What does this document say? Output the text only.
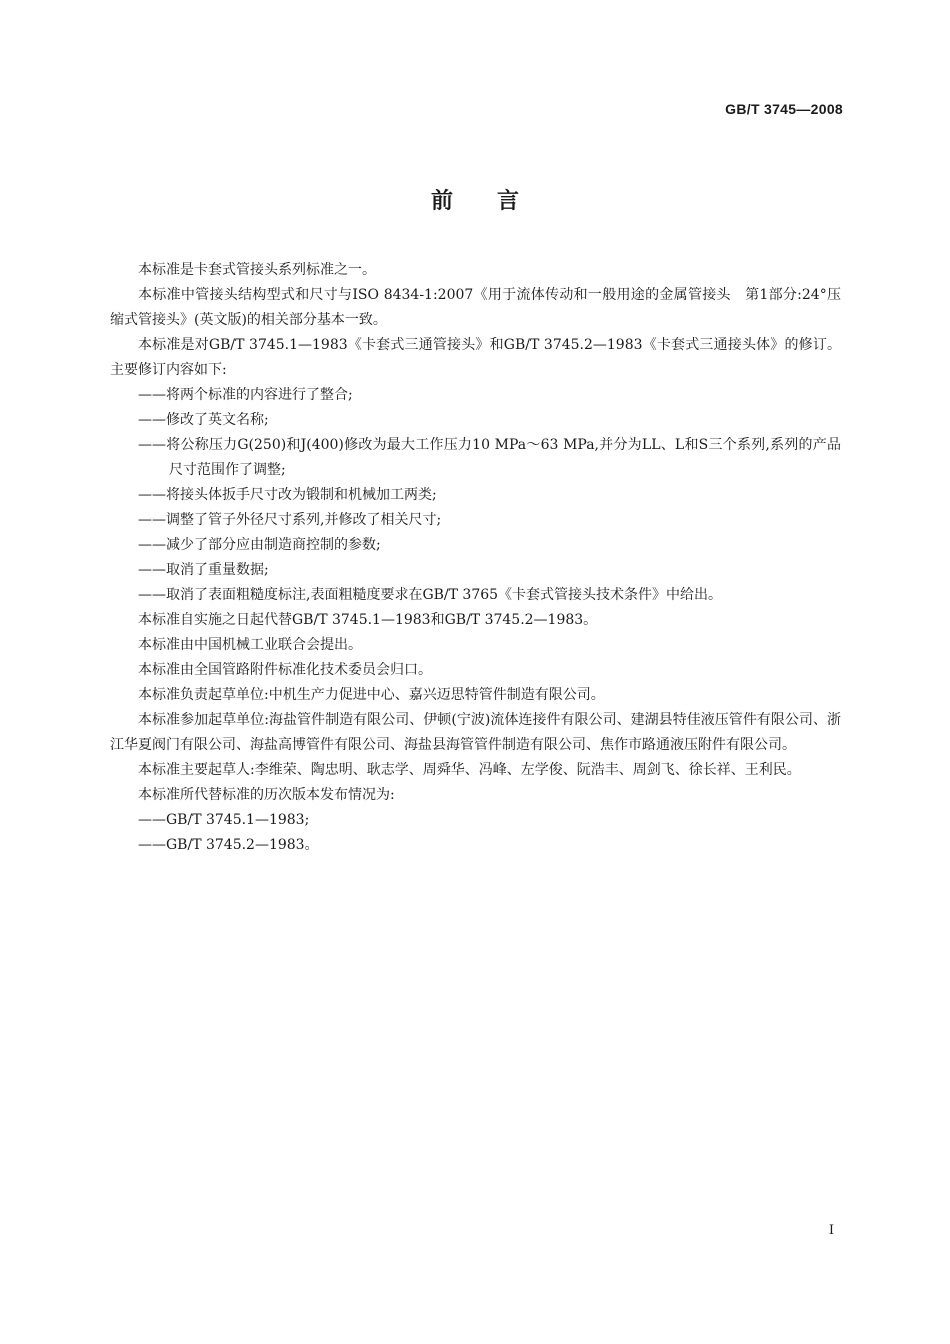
GB/T 3745—2008
前言

本标准是卡套式管接头系列标准之一。

本标准中管接头结构型式和尺寸与ISO 8434-1:2007《用于流体传动和一般用途的金属管接头　第1部分:24°压缩式管接头》(英文版)的相关部分基本一致。

本标准是对GB/T 3745.1—1983《卡套式三通管接头》和GB/T 3745.2—1983《卡套式三通接头体》的修订。主要修订内容如下:

——将两个标准的内容进行了整合;

——修改了英文名称;

——将公称压力G(250)和J(400)修改为最大工作压力10 MPa～63 MPa,并分为LL、L和S三个系列,系列的产品尺寸范围作了调整;

——将接头体扳手尺寸改为锻制和机械加工两类;

——调整了管子外径尺寸系列,并修改了相关尺寸;

——减少了部分应由制造商控制的参数;

——取消了重量数据;

——取消了表面粗糙度标注,表面粗糙度要求在GB/T 3765《卡套式管接头技术条件》中给出。

本标准自实施之日起代替GB/T 3745.1—1983和GB/T 3745.2—1983。

本标准由中国机械工业联合会提出。

本标准由全国管路附件标准化技术委员会归口。

本标准负责起草单位:中机生产力促进中心、嘉兴迈思特管件制造有限公司。

本标准参加起草单位:海盐管件制造有限公司、伊顿(宁波)流体连接件有限公司、建湖县特佳液压管件有限公司、浙江华夏阀门有限公司、海盐高博管件有限公司、海盐县海管管件制造有限公司、焦作市路通液压附件有限公司。

本标准主要起草人:李维荣、陶忠明、耿志学、周舜华、冯峰、左学俊、阮浩丰、周剑飞、徐长祥、王利民。

本标准所代替标准的历次版本发布情况为:

——GB/T 3745.1—1983;

——GB/T 3745.2—1983。

I
